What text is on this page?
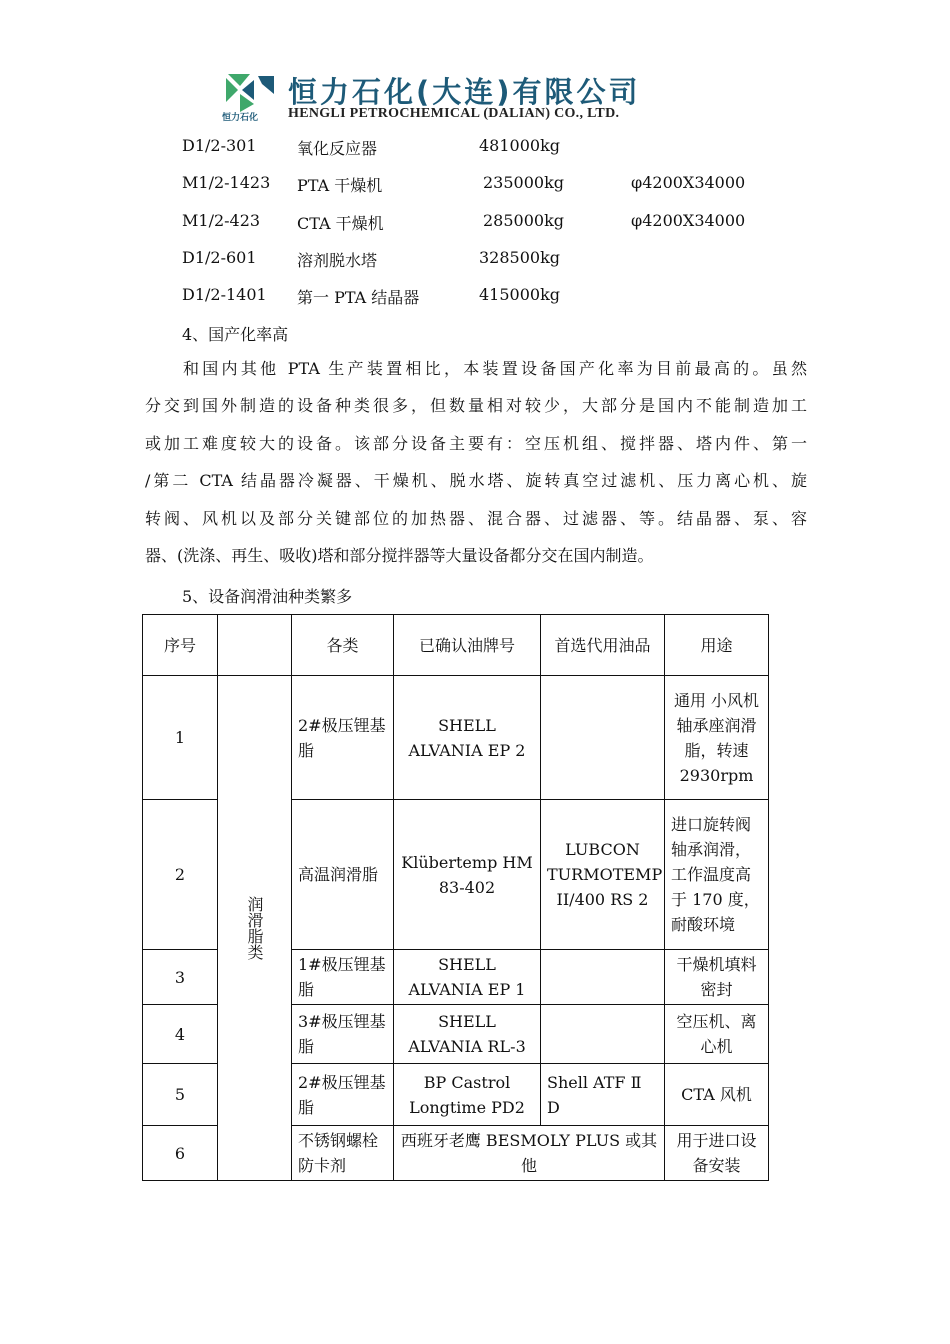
恒力石化
恒力石化(大连)有限公司
HENGLI PETROCHEMICAL (DALIAN) CO., LTD.
D1/2-301	氧化反应器	481000kg
M1/2-1423 PTA 干燥机	235000kg	φ4200X34000
M1/2-423 CTA 干燥机	285000kg	φ4200X34000
D1/2-601	溶剂脱水塔	328500kg
D1/2-1401 第一 PTA 结晶器	415000kg
4、国产化率高
和国内其他 PTA 生产装置相比，本装置设备国产化率为目前最高的。虽然
分交到国外制造的设备种类很多，但数量相对较少，大部分是国内不能制造加工
或加工难度较大的设备。该部分设备主要有：空压机组、搅拌器、塔内件、第一
/第二 CTA 结晶器冷凝器、干燥机、脱水塔、旋转真空过滤机、压力离心机、旋
转阀、风机以及部分关键部位的加热器、混合器、过滤器、等。结晶器、泵、容
器、(洗涤、再生、吸收)塔和部分搅拌器等大量设备都分交在国内制造。
5、设备润滑油种类繁多
序号		各类	已确认油牌号	首选代用油品	用途
1	润滑脂类	2#极压锂基脂	SHELL ALVANIA EP 2		通用 小风机轴承座润滑脂，转速 2930rpm
2		高温润滑脂	Klübertemp HM 83-402	LUBCON TURMOTEMP II/400 RS 2	进口旋转阀轴承润滑，工作温度高于 170 度，耐酸环境
3		1#极压锂基脂	SHELL ALVANIA EP 1		干燥机填料密封
4		3#极压锂基脂	SHELL ALVANIA RL-3		空压机、离心机
5		2#极压锂基脂	BP Castrol Longtime PD2	Shell ATF Ⅱ D	CTA 风机
6		不锈钢螺栓防卡剂	西班牙老鹰 BESMOLY PLUS 或其他		用于进口设备安装
